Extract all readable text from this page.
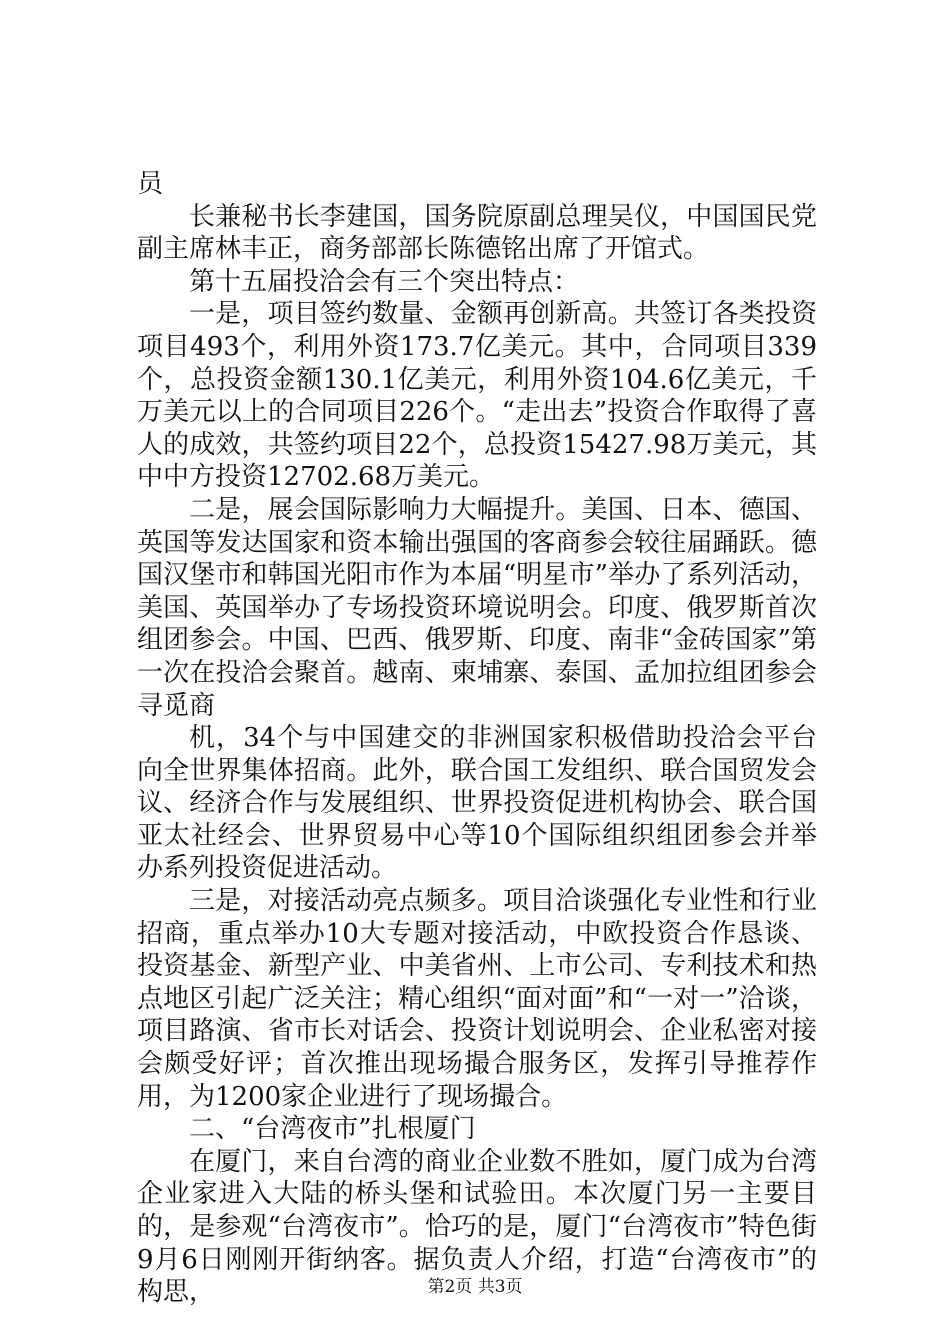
员

长兼秘书长李建国，国务院原副总理吴仪，中国国民党副主席林丰正，商务部部长陈德铭出席了开馆式。

第十五届投洽会有三个突出特点：

一是，项目签约数量、金额再创新高。共签订各类投资项目493个，利用外资173.7亿美元。其中，合同项目339个，总投资金额130.1亿美元，利用外资104.6亿美元，千万美元以上的合同项目226个。“走出去”投资合作取得了喜人的成效，共签约项目22个，总投资15427.98万美元，其中中方投资12702.68万美元。

二是，展会国际影响力大幅提升。美国、日本、德国、英国等发达国家和资本输出强国的客商参会较往届踊跃。德国汉堡市和韩国光阳市作为本届“明星市”举办了系列活动，美国、英国举办了专场投资环境说明会。印度、俄罗斯首次组团参会。中国、巴西、俄罗斯、印度、南非“金砖国家”第一次在投洽会聚首。越南、柬埔寨、泰国、孟加拉组团参会寻觅商

机，34个与中国建交的非洲国家积极借助投洽会平台向全世界集体招商。此外，联合国工发组织、联合国贸发会议、经济合作与发展组织、世界投资促进机构协会、联合国亚太社经会、世界贸易中心等10个国际组织组团参会并举办系列投资促进活动。

三是，对接活动亮点频多。项目洽谈强化专业性和行业招商，重点举办10大专题对接活动，中欧投资合作恳谈、投资基金、新型产业、中美省州、上市公司、专利技术和热点地区引起广泛关注；精心组织“面对面”和“一对一”洽谈，项目路演、省市长对话会、投资计划说明会、企业私密对接会颇受好评；首次推出现场撮合服务区，发挥引导推荐作用，为1200家企业进行了现场撮合。

二、“台湾夜市”扎根厦门

在厦门，来自台湾的商业企业数不胜如，厦门成为台湾企业家进入大陆的桥头堡和试验田。本次厦门另一主要目的，是参观“台湾夜市”。恰巧的是，厦门“台湾夜市”特色街9月6日刚刚开街纳客。据负责人介绍，打造“台湾夜市”的构思，	第2页 共3页
